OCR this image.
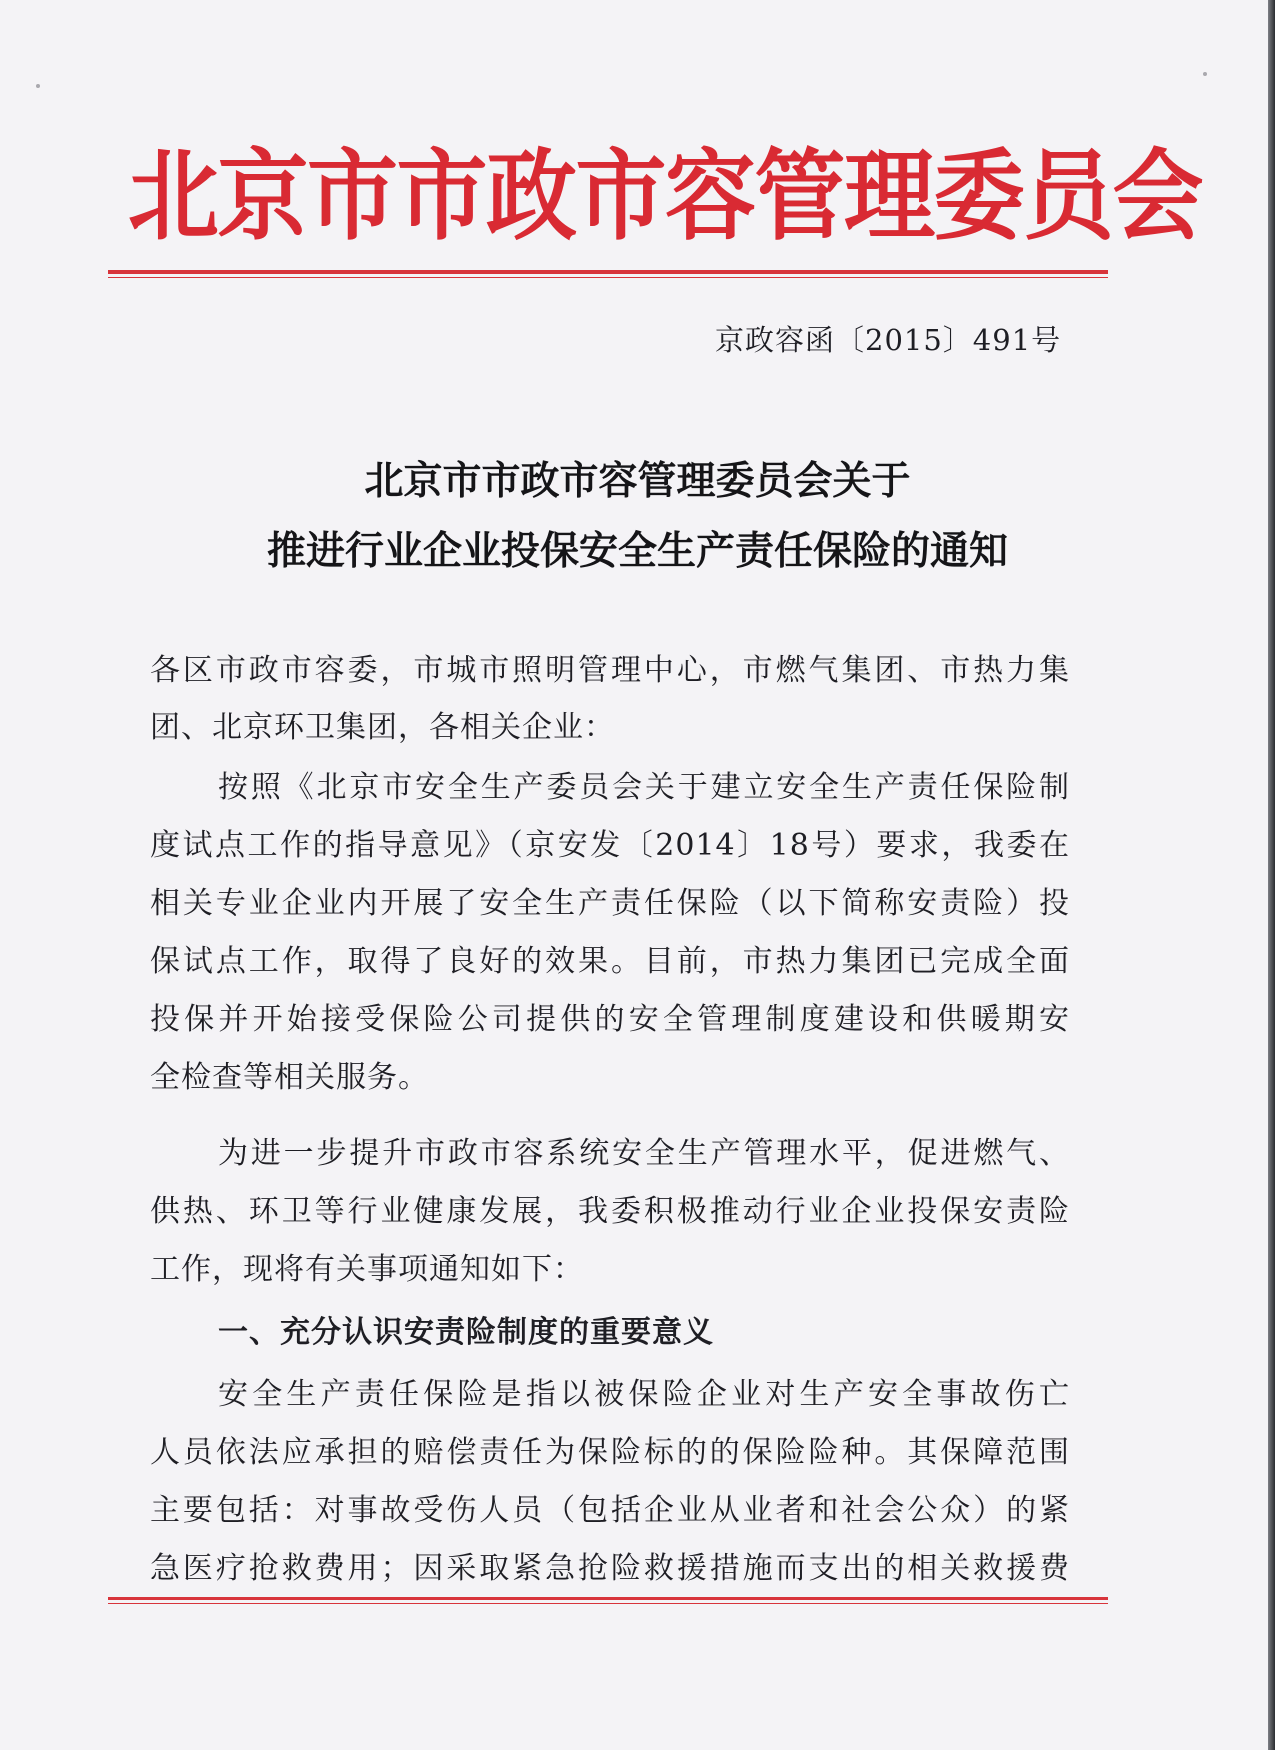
北京市市政市容管理委员会
京政容函〔2015〕491号
北京市市政市容管理委员会关于
推进行业企业投保安全生产责任保险的通知
各区市政市容委，市城市照明管理中心，市燃气集团、市热力集
团、北京环卫集团，各相关企业：
按照《北京市安全生产委员会关于建立安全生产责任保险制
度试点工作的指导意见》（京安发〔2014〕18号）要求，我委在
相关专业企业内开展了安全生产责任保险（以下简称安责险）投
保试点工作，取得了良好的效果。目前，市热力集团已完成全面
投保并开始接受保险公司提供的安全管理制度建设和供暖期安
全检查等相关服务。
为进一步提升市政市容系统安全生产管理水平，促进燃气、
供热、环卫等行业健康发展，我委积极推动行业企业投保安责险
工作，现将有关事项通知如下：
一、充分认识安责险制度的重要意义
安全生产责任保险是指以被保险企业对生产安全事故伤亡
人员依法应承担的赔偿责任为保险标的的保险险种。其保障范围
主要包括：对事故受伤人员（包括企业从业者和社会公众）的紧
急医疗抢救费用；因采取紧急抢险救援措施而支出的相关救援费
